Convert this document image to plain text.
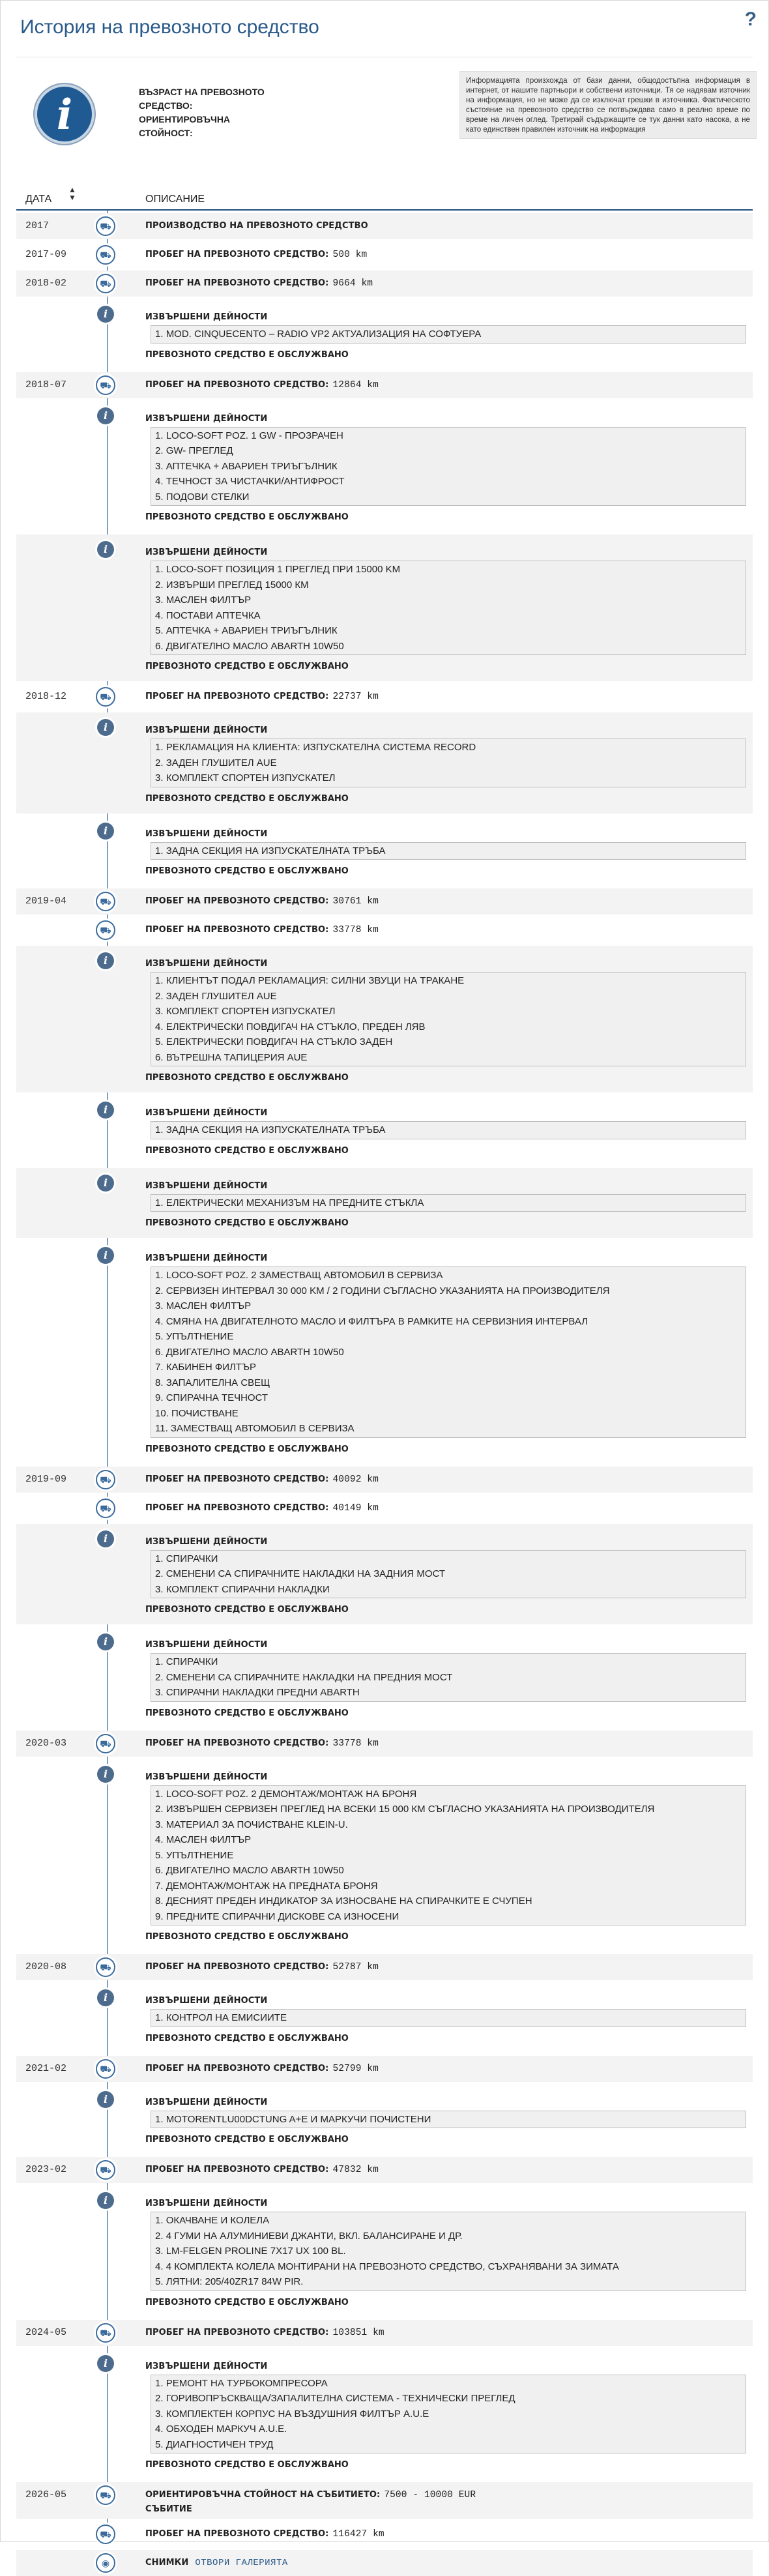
История на превозното средство	?
i	ВЪЗРАСТ НА ПРЕВОЗНОТО
СРЕДСТВО:
ОРИЕНТИРОВЪЧНА
СТОЙНОСТ:
Информацията произхожда от бази данни, общодостъпна информация в интернет, от нашите партньори и собствени източници. Тя се надявам източник на информация, но не може да се изключат грешки в източника. Фактическото състояние на превозното средство се потвърждава само в реално време по време на личен оглед. Третирай съдържащите се тук данни като насока, а не като единствен правилен източник на информация
ДАТА
▲
▼	ОПИСАНИЕ
2017	⛟	ПРОИЗВОДСТВО НА ПРЕВОЗНОТО СРЕДСТВО
2017-09	⛟	ПРОБЕГ НА ПРЕВОЗНОТО СРЕДСТВО: 500 km
2018-02	⛟	ПРОБЕГ НА ПРЕВОЗНОТО СРЕДСТВО: 9664 km
i	ИЗВЪРШЕНИ ДЕЙНОСТИ
1. MOD. CINQUECENTO – RADIO VP2 АКТУАЛИЗАЦИЯ НА СОФТУЕРА
ПРЕВОЗНОТО СРЕДСТВО Е ОБСЛУЖВАНО
2018-07	⛟	ПРОБЕГ НА ПРЕВОЗНОТО СРЕДСТВО: 12864 km
i	ИЗВЪРШЕНИ ДЕЙНОСТИ
1. LOCO-SOFT POZ. 1 GW - ПРОЗРАЧЕН
2. GW- ПРЕГЛЕД
3. АПТЕЧКА + АВАРИЕН ТРИЪГЪЛНИК
4. ТЕЧНОСТ ЗА ЧИСТАЧКИ/АНТИФРОСТ
5. ПОДОВИ СТЕЛКИ
ПРЕВОЗНОТО СРЕДСТВО Е ОБСЛУЖВАНО
i	ИЗВЪРШЕНИ ДЕЙНОСТИ
1. LOCO-SOFT ПОЗИЦИЯ 1 ПРЕГЛЕД ПРИ 15000 KM
2. ИЗВЪРШИ ПРЕГЛЕД 15000 КМ
3. МАСЛЕН ФИЛТЪР
4. ПОСТАВИ АПТЕЧКА
5. АПТЕЧКА + АВАРИЕН ТРИЪГЪЛНИК
6. ДВИГАТЕЛНО МАСЛО ABARTH 10W50
ПРЕВОЗНОТО СРЕДСТВО Е ОБСЛУЖВАНО
2018-12	⛟	ПРОБЕГ НА ПРЕВОЗНОТО СРЕДСТВО: 22737 km
i	ИЗВЪРШЕНИ ДЕЙНОСТИ
1. РЕКЛАМАЦИЯ НА КЛИЕНТА: ИЗПУСКАТЕЛНА СИСТЕМА RECORD
2. ЗАДЕН ГЛУШИТЕЛ AUE
3. КОМПЛЕКТ СПОРТЕН ИЗПУСКАТЕЛ
ПРЕВОЗНОТО СРЕДСТВО Е ОБСЛУЖВАНО
i	ИЗВЪРШЕНИ ДЕЙНОСТИ
1. ЗАДНА СЕКЦИЯ НА ИЗПУСКАТЕЛНАТА ТРЪБА
ПРЕВОЗНОТО СРЕДСТВО Е ОБСЛУЖВАНО
2019-04	⛟	ПРОБЕГ НА ПРЕВОЗНОТО СРЕДСТВО: 30761 km
⛟	ПРОБЕГ НА ПРЕВОЗНОТО СРЕДСТВО: 33778 km
i	ИЗВЪРШЕНИ ДЕЙНОСТИ
1. КЛИЕНТЪТ ПОДАЛ РЕКЛАМАЦИЯ: СИЛНИ ЗВУЦИ НА ТРАКАНЕ
2. ЗАДЕН ГЛУШИТЕЛ AUE
3. КОМПЛЕКТ СПОРТЕН ИЗПУСКАТЕЛ
4. ЕЛЕКТРИЧЕСКИ ПОВДИГАЧ НА СТЪКЛО, ПРЕДЕН ЛЯВ
5. ЕЛЕКТРИЧЕСКИ ПОВДИГАЧ НА СТЪКЛО ЗАДЕН
6. ВЪТРЕШНА ТАПИЦЕРИЯ AUE
ПРЕВОЗНОТО СРЕДСТВО Е ОБСЛУЖВАНО
i	ИЗВЪРШЕНИ ДЕЙНОСТИ
1. ЗАДНА СЕКЦИЯ НА ИЗПУСКАТЕЛНАТА ТРЪБА
ПРЕВОЗНОТО СРЕДСТВО Е ОБСЛУЖВАНО
i	ИЗВЪРШЕНИ ДЕЙНОСТИ
1. ЕЛЕКТРИЧЕСКИ МЕХАНИЗЪМ НА ПРЕДНИТЕ СТЪКЛА
ПРЕВОЗНОТО СРЕДСТВО Е ОБСЛУЖВАНО
i	ИЗВЪРШЕНИ ДЕЙНОСТИ
1. LOCO-SOFT POZ. 2 ЗАМЕСТВАЩ АВТОМОБИЛ В СЕРВИЗА
2. СЕРВИЗЕН ИНТЕРВАЛ 30 000 KM / 2 ГОДИНИ СЪГЛАСНО УКАЗАНИЯТА НА ПРОИЗВОДИТЕЛЯ
3. МАСЛЕН ФИЛТЪР
4. СМЯНА НА ДВИГАТЕЛНОТО МАСЛО И ФИЛТЪРА В РАМКИТЕ НА СЕРВИЗНИЯ ИНТЕРВАЛ
5. УПЪЛТНЕНИЕ
6. ДВИГАТЕЛНО МАСЛО ABARTH 10W50
7. КАБИНЕН ФИЛТЪР
8. ЗАПАЛИТЕЛНА СВЕЩ
9. СПИРАЧНА ТЕЧНОСТ
10. ПОЧИСТВАНЕ
11. ЗАМЕСТВАЩ АВТОМОБИЛ В СЕРВИЗА
ПРЕВОЗНОТО СРЕДСТВО Е ОБСЛУЖВАНО
2019-09	⛟	ПРОБЕГ НА ПРЕВОЗНОТО СРЕДСТВО: 40092 km
⛟	ПРОБЕГ НА ПРЕВОЗНОТО СРЕДСТВО: 40149 km
i	ИЗВЪРШЕНИ ДЕЙНОСТИ
1. СПИРАЧКИ
2. СМЕНЕНИ СА СПИРАЧНИТЕ НАКЛАДКИ НА ЗАДНИЯ МОСТ
3. КОМПЛЕКТ СПИРАЧНИ НАКЛАДКИ
ПРЕВОЗНОТО СРЕДСТВО Е ОБСЛУЖВАНО
i	ИЗВЪРШЕНИ ДЕЙНОСТИ
1. СПИРАЧКИ
2. СМЕНЕНИ СА СПИРАЧНИТЕ НАКЛАДКИ НА ПРЕДНИЯ МОСТ
3. СПИРАЧНИ НАКЛАДКИ ПРЕДНИ ABARTH
ПРЕВОЗНОТО СРЕДСТВО Е ОБСЛУЖВАНО
2020-03	⛟	ПРОБЕГ НА ПРЕВОЗНОТО СРЕДСТВО: 33778 km
i	ИЗВЪРШЕНИ ДЕЙНОСТИ
1. LOCO-SOFT POZ. 2 ДЕМОНТАЖ/МОНТАЖ НА БРОНЯ
2. ИЗВЪРШЕН СЕРВИЗЕН ПРЕГЛЕД НА ВСЕКИ 15 000 КМ СЪГЛАСНО УКАЗАНИЯТА НА ПРОИЗВОДИТЕЛЯ
3. МАТЕРИАЛ ЗА ПОЧИСТВАНЕ KLEIN-U.
4. МАСЛЕН ФИЛТЪР
5. УПЪЛТНЕНИЕ
6. ДВИГАТЕЛНО МАСЛО ABARTH 10W50
7. ДЕМОНТАЖ/МОНТАЖ НА ПРЕДНАТА БРОНЯ
8. ДЕСНИЯТ ПРЕДЕН ИНДИКАТОР ЗА ИЗНОСВАНЕ НА СПИРАЧКИТЕ Е СЧУПЕН
9. ПРЕДНИТЕ СПИРАЧНИ ДИСКОВЕ СА ИЗНОСЕНИ
ПРЕВОЗНОТО СРЕДСТВО Е ОБСЛУЖВАНО
2020-08	⛟	ПРОБЕГ НА ПРЕВОЗНОТО СРЕДСТВО: 52787 km
i	ИЗВЪРШЕНИ ДЕЙНОСТИ
1. КОНТРОЛ НА ЕМИСИИТЕ
ПРЕВОЗНОТО СРЕДСТВО Е ОБСЛУЖВАНО
2021-02	⛟	ПРОБЕГ НА ПРЕВОЗНОТО СРЕДСТВО: 52799 km
i	ИЗВЪРШЕНИ ДЕЙНОСТИ
1. MOTORENTLU00DCTUNG A+E И МАРКУЧИ ПОЧИСТЕНИ
ПРЕВОЗНОТО СРЕДСТВО Е ОБСЛУЖВАНО
2023-02	⛟	ПРОБЕГ НА ПРЕВОЗНОТО СРЕДСТВО: 47832 km
i	ИЗВЪРШЕНИ ДЕЙНОСТИ
1. ОКАЧВАНЕ И КОЛЕЛА
2. 4 ГУМИ НА АЛУМИНИЕВИ ДЖАНТИ, ВКЛ. БАЛАНСИРАНЕ И ДР.
3. LM-FELGEN PROLINE 7X17 UX 100 BL.
4. 4 КОМПЛЕКТА КОЛЕЛА МОНТИРАНИ НА ПРЕВОЗНОТО СРЕДСТВО, СЪХРАНЯВАНИ ЗА ЗИМАТА
5. ЛЯТНИ: 205/40ZR17 84W PIR.
ПРЕВОЗНОТО СРЕДСТВО Е ОБСЛУЖВАНО
2024-05	⛟	ПРОБЕГ НА ПРЕВОЗНОТО СРЕДСТВО: 103851 km
i	ИЗВЪРШЕНИ ДЕЙНОСТИ
1. РЕМОНТ НА ТУРБОКОМПРЕСОРА
2. ГОРИВОПРЪСКВАЩА/ЗАПАЛИТЕЛНА СИСТЕМА - ТЕХНИЧЕСКИ ПРЕГЛЕД
3. КОМПЛЕКТЕН КОРПУС НА ВЪЗДУШНИЯ ФИЛТЪР A.U.E
4. ОБХОДЕН МАРКУЧ A.U.E.
5. ДИАГНОСТИЧЕН ТРУД
ПРЕВОЗНОТО СРЕДСТВО Е ОБСЛУЖВАНО
2026-05	⛟	ОРИЕНТИРОВЪЧНА СТОЙНОСТ НА СЪБИТИЕТО: 7500 - 10000 EUR
СЪБИТИЕ
⛟	ПРОБЕГ НА ПРЕВОЗНОТО СРЕДСТВО: 116427 km
◉	СНИМКИ ОТВОРИ ГАЛЕРИЯТА
